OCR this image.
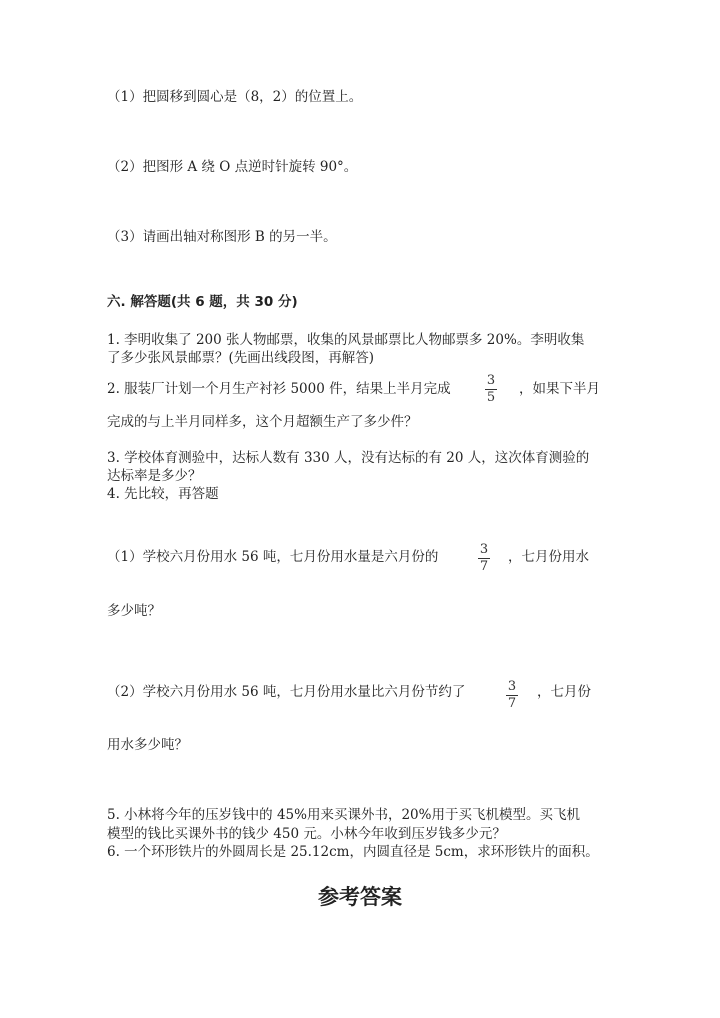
（1）把圆移到圆心是（8，2）的位置上。
（2）把图形 A 绕 O 点逆时针旋转 90°。
（3）请画出轴对称图形 B 的另一半。
六. 解答题(共 6 题，共 30 分)
1. 李明收集了 200 张人物邮票，收集的风景邮票比人物邮票多 20%。李明收集
了多少张风景邮票？(先画出线段图，再解答)
2. 服装厂计划一个月生产衬衫 5000 件，结果上半月完成
3
5
，如果下半月
完成的与上半月同样多，这个月超额生产了多少件？
3. 学校体育测验中，达标人数有 330 人，没有达标的有 20 人，这次体育测验的
达标率是多少？
4. 先比较，再答题
（1）学校六月份用水 56 吨，七月份用水量是六月份的	3
7
，七月份用水
多少吨？
（2）学校六月份用水 56 吨，七月份用水量比六月份节约了	3
7
，七月份
用水多少吨？
5. 小林将今年的压岁钱中的 45%用来买课外书，20%用于买飞机模型。买飞机
模型的钱比买课外书的钱少 450 元。小林今年收到压岁钱多少元？
6. 一个环形铁片的外圆周长是 25.12cm，内圆直径是 5cm，求环形铁片的面积。
参考答案
